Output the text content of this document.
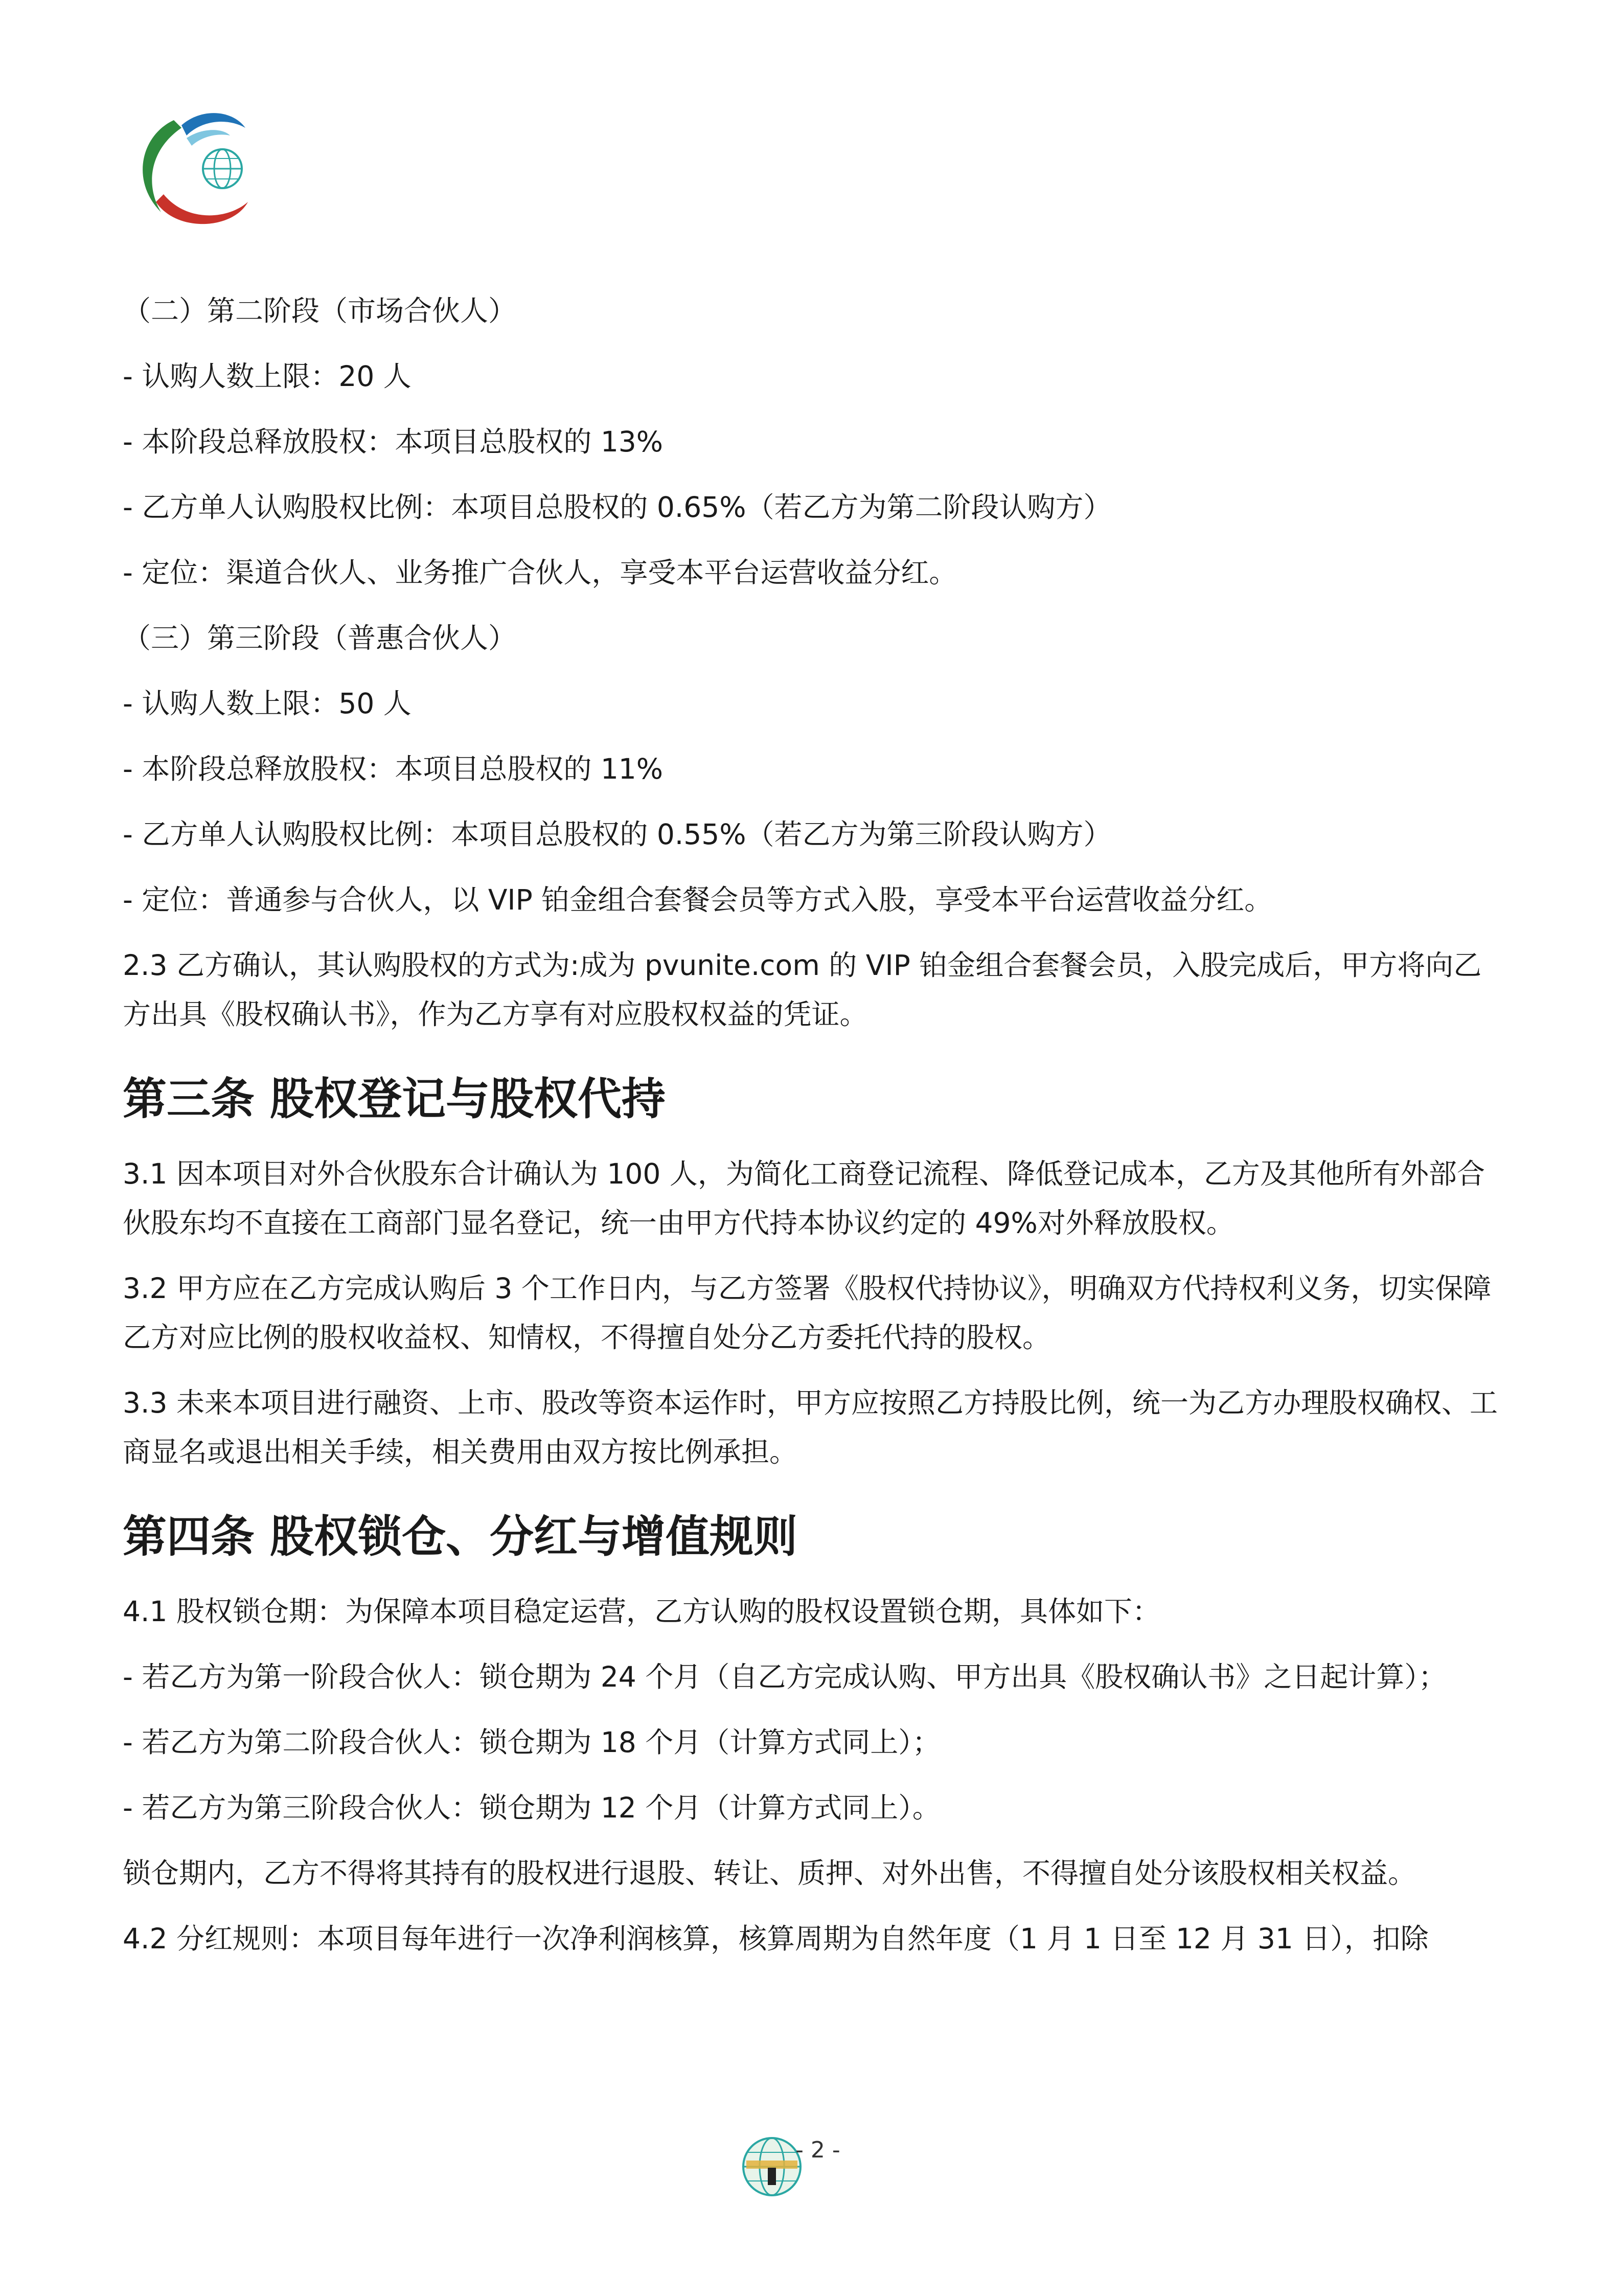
（二）第二阶段（市场合伙人）
- 认购人数上限：20 人
- 本阶段总释放股权：本项目总股权的 13%
- 乙方单人认购股权比例：本项目总股权的 0.65%（若乙方为第二阶段认购方）
- 定位：渠道合伙人、业务推广合伙人，享受本平台运营收益分红。
（三）第三阶段（普惠合伙人）
- 认购人数上限：50 人
- 本阶段总释放股权：本项目总股权的 11%
- 乙方单人认购股权比例：本项目总股权的 0.55%（若乙方为第三阶段认购方）
- 定位：普通参与合伙人，以 VIP 铂金组合套餐会员等方式入股，享受本平台运营收益分红。
2.3 乙方确认，其认购股权的方式为:成为 pvunite.com 的 VIP 铂金组合套餐会员，入股完成后，甲方将向乙方出具《股权确认书》，作为乙方享有对应股权权益的凭证。
第三条 股权登记与股权代持
3.1 因本项目对外合伙股东合计确认为 100 人，为简化工商登记流程、降低登记成本，乙方及其他所有外部合伙股东均不直接在工商部门显名登记，统一由甲方代持本协议约定的 49%对外释放股权。
3.2 甲方应在乙方完成认购后 3 个工作日内，与乙方签署《股权代持协议》，明确双方代持权利义务，切实保障乙方对应比例的股权收益权、知情权，不得擅自处分乙方委托代持的股权。
3.3 未来本项目进行融资、上市、股改等资本运作时，甲方应按照乙方持股比例，统一为乙方办理股权确权、工商显名或退出相关手续，相关费用由双方按比例承担。
第四条 股权锁仓、分红与增值规则
4.1 股权锁仓期：为保障本项目稳定运营，乙方认购的股权设置锁仓期，具体如下：
- 若乙方为第一阶段合伙人：锁仓期为 24 个月（自乙方完成认购、甲方出具《股权确认书》之日起计算）；
- 若乙方为第二阶段合伙人：锁仓期为 18 个月（计算方式同上）；
- 若乙方为第三阶段合伙人：锁仓期为 12 个月（计算方式同上）。
锁仓期内，乙方不得将其持有的股权进行退股、转让、质押、对外出售，不得擅自处分该股权相关权益。
4.2 分红规则：本项目每年进行一次净利润核算，核算周期为自然年度（1 月 1 日至 12 月 31 日），扣除
- 2 -
